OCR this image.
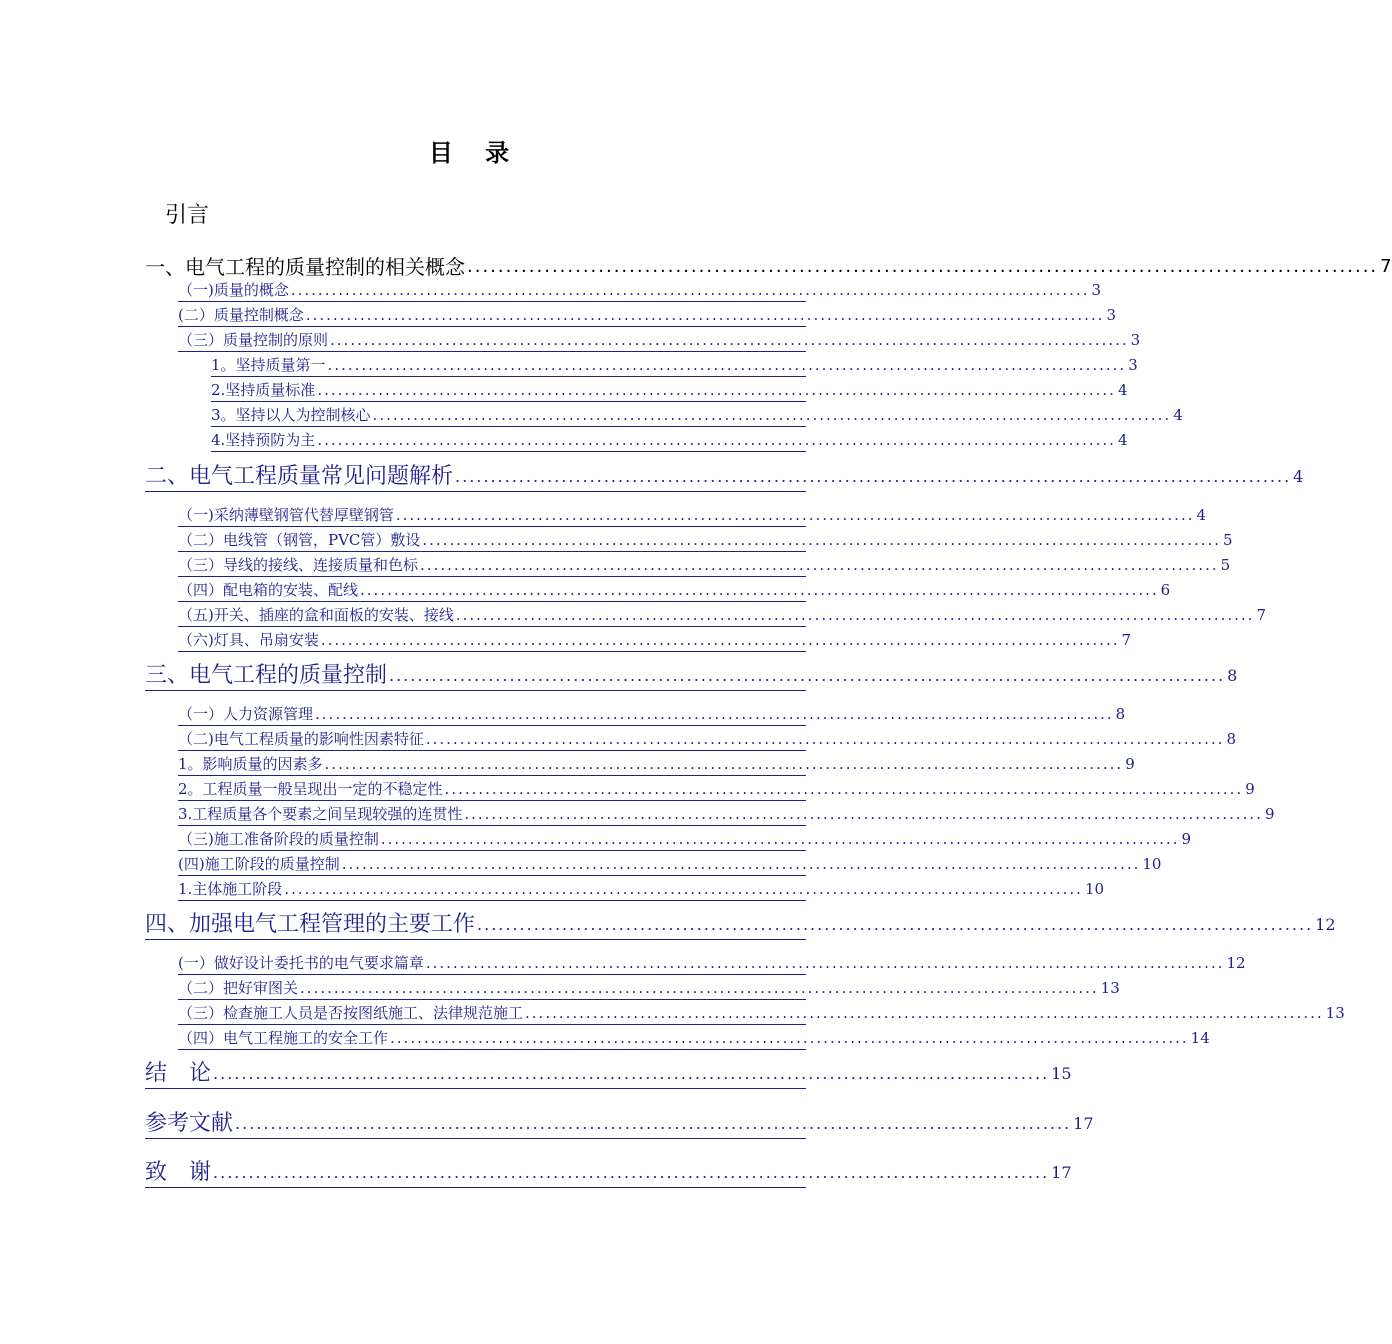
目 录
引言
一、电气工程的质量控制的相关概念 ...................................................................................................................... 7
（一)质量的概念 ...................................................................................................................... 3
(二）质量控制概念 ...................................................................................................................... 3
（三）质量控制的原则 ...................................................................................................................... 3
1。坚持质量第一 ...................................................................................................................... 3
2.坚持质量标准 ...................................................................................................................... 4
3。坚持以人为控制核心 ...................................................................................................................... 4
4.坚持预防为主 ...................................................................................................................... 4
二、电气工程质量常见问题解析 ...................................................................................................................... 4
（一)采纳薄壁钢管代替厚壁钢管 ...................................................................................................................... 4
（二）电线管（钢管，PVC管）敷设 ...................................................................................................................... 5
（三）导线的接线、连接质量和色标 ...................................................................................................................... 5
（四）配电箱的安装、配线 ...................................................................................................................... 6
（五)开关、插座的盒和面板的安装、接线 ...................................................................................................................... 7
（六)灯具、吊扇安装 ...................................................................................................................... 7
三、电气工程的质量控制 ...................................................................................................................... 8
（一）人力资源管理 ...................................................................................................................... 8
（二)电气工程质量的影响性因素特征 ...................................................................................................................... 8
1。影响质量的因素多 ...................................................................................................................... 9
2。工程质量一般呈现出一定的不稳定性 ...................................................................................................................... 9
3.工程质量各个要素之间呈现较强的连贯性 ...................................................................................................................... 9
（三)施工准备阶段的质量控制 ...................................................................................................................... 9
(四)施工阶段的质量控制 ...................................................................................................................... 10
1.主体施工阶段 ...................................................................................................................... 10
四、加强电气工程管理的主要工作 ...................................................................................................................... 12
(一）做好设计委托书的电气要求篇章 ...................................................................................................................... 12
（二）把好审图关 ...................................................................................................................... 13
（三）检查施工人员是否按图纸施工、法律规范施工 ...................................................................................................................... 13
（四）电气工程施工的安全工作 ...................................................................................................................... 14
结　论 ...................................................................................................................... 15
参考文献 ...................................................................................................................... 17
致　谢 ...................................................................................................................... 17
